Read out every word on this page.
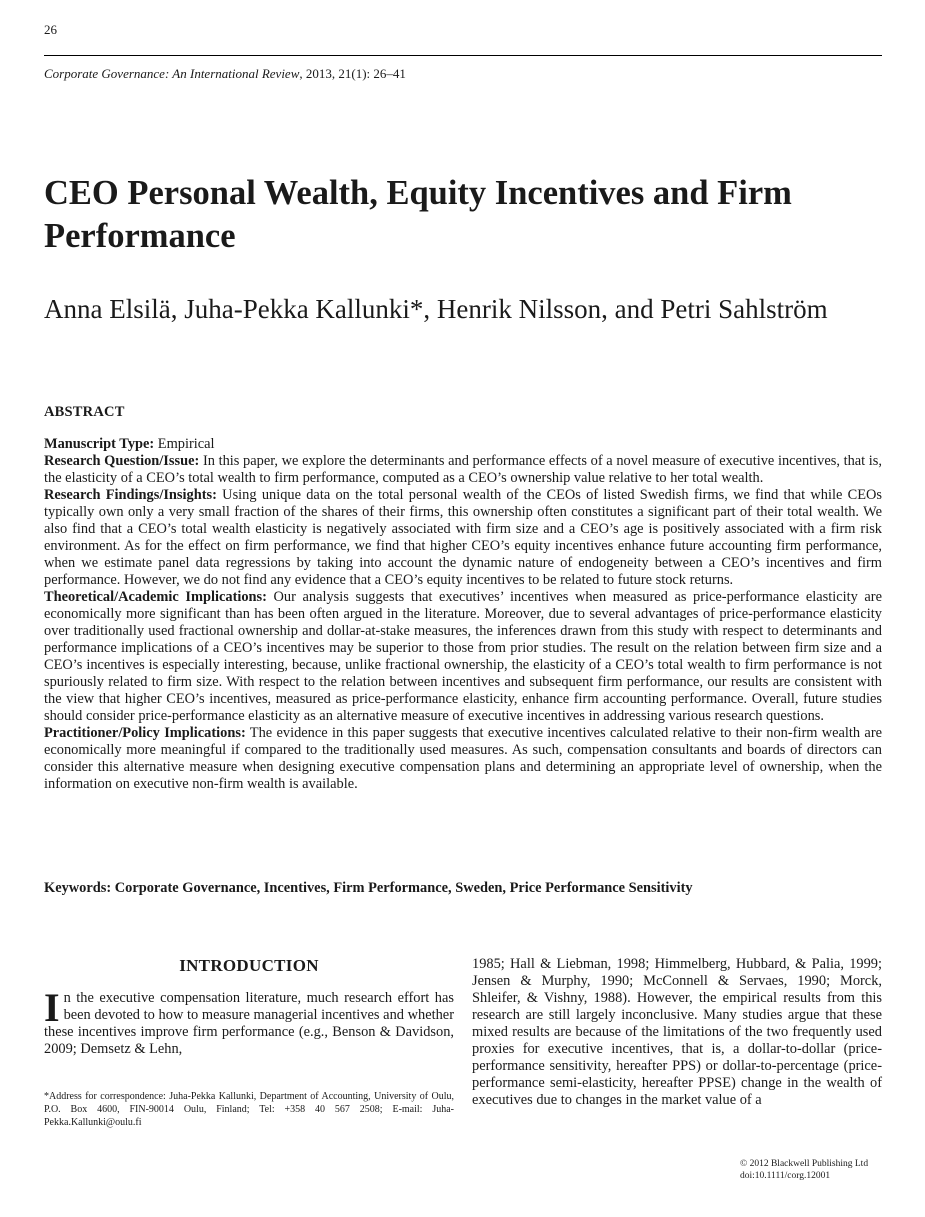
26
Corporate Governance: An International Review, 2013, 21(1): 26–41
CEO Personal Wealth, Equity Incentives and Firm Performance
Anna Elsilä, Juha-Pekka Kallunki*, Henrik Nilsson, and Petri Sahlström
ABSTRACT

Manuscript Type: Empirical

Research Question/Issue: In this paper, we explore the determinants and performance effects of a novel measure of executive incentives, that is, the elasticity of a CEO’s total wealth to firm performance, computed as a CEO’s ownership value relative to her total wealth.

Research Findings/Insights: Using unique data on the total personal wealth of the CEOs of listed Swedish firms, we find that while CEOs typically own only a very small fraction of the shares of their firms, this ownership often constitutes a significant part of their total wealth. We also find that a CEO’s total wealth elasticity is negatively associated with firm size and a CEO’s age is positively associated with a firm risk environment. As for the effect on firm performance, we find that higher CEO’s equity incentives enhance future accounting firm performance, when we estimate panel data regressions by taking into account the dynamic nature of endogeneity between a CEO’s incentives and firm performance. However, we do not find any evidence that a CEO’s equity incentives to be related to future stock returns.

Theoretical/Academic Implications: Our analysis suggests that executives’ incentives when measured as price-performance elasticity are economically more significant than has been often argued in the literature. Moreover, due to several advantages of price-performance elasticity over traditionally used fractional ownership and dollar-at-stake measures, the inferences drawn from this study with respect to determinants and performance implications of a CEO’s incentives may be superior to those from prior studies. The result on the relation between firm size and a CEO’s incentives is especially interesting, because, unlike fractional ownership, the elasticity of a CEO’s total wealth to firm performance is not spuriously related to firm size. With respect to the relation between incentives and subsequent firm performance, our results are consistent with the view that higher CEO’s incentives, measured as price-performance elasticity, enhance firm accounting performance. Overall, future studies should consider price-performance elasticity as an alternative measure of executive incentives in addressing various research questions.

Practitioner/Policy Implications: The evidence in this paper suggests that executive incentives calculated relative to their non-firm wealth are economically more meaningful if compared to the traditionally used measures. As such, compensation consultants and boards of directors can consider this alternative measure when designing executive compensation plans and determining an appropriate level of ownership, when the information on executive non-firm wealth is available.

Keywords: Corporate Governance, Incentives, Firm Performance, Sweden, Price Performance Sensitivity
INTRODUCTION

In the executive compensation literature, much research effort has been devoted to how to measure managerial incentives and whether these incentives improve firm performance (e.g., Benson & Davidson, 2009; Demsetz & Lehn,

*Address for correspondence: Juha-Pekka Kallunki, Department of Accounting, University of Oulu, P.O. Box 4600, FIN-90014 Oulu, Finland; Tel: +358 40 567 2508; E-mail: Juha-Pekka.Kallunki@oulu.fi

1985; Hall & Liebman, 1998; Himmelberg, Hubbard, & Palia, 1999; Jensen & Murphy, 1990; McConnell & Servaes, 1990; Morck, Shleifer, & Vishny, 1988). However, the empirical results from this research are still largely inconclusive. Many studies argue that these mixed results are because of the limitations of the two frequently used proxies for executive incentives, that is, a dollar-to-dollar (price-performance sensitivity, hereafter PPS) or dollar-to-percentage (price-performance semi-elasticity, hereafter PPSE) change in the wealth of executives due to changes in the market value of a

© 2012 Blackwell Publishing Ltd
doi:10.1111/corg.12001
